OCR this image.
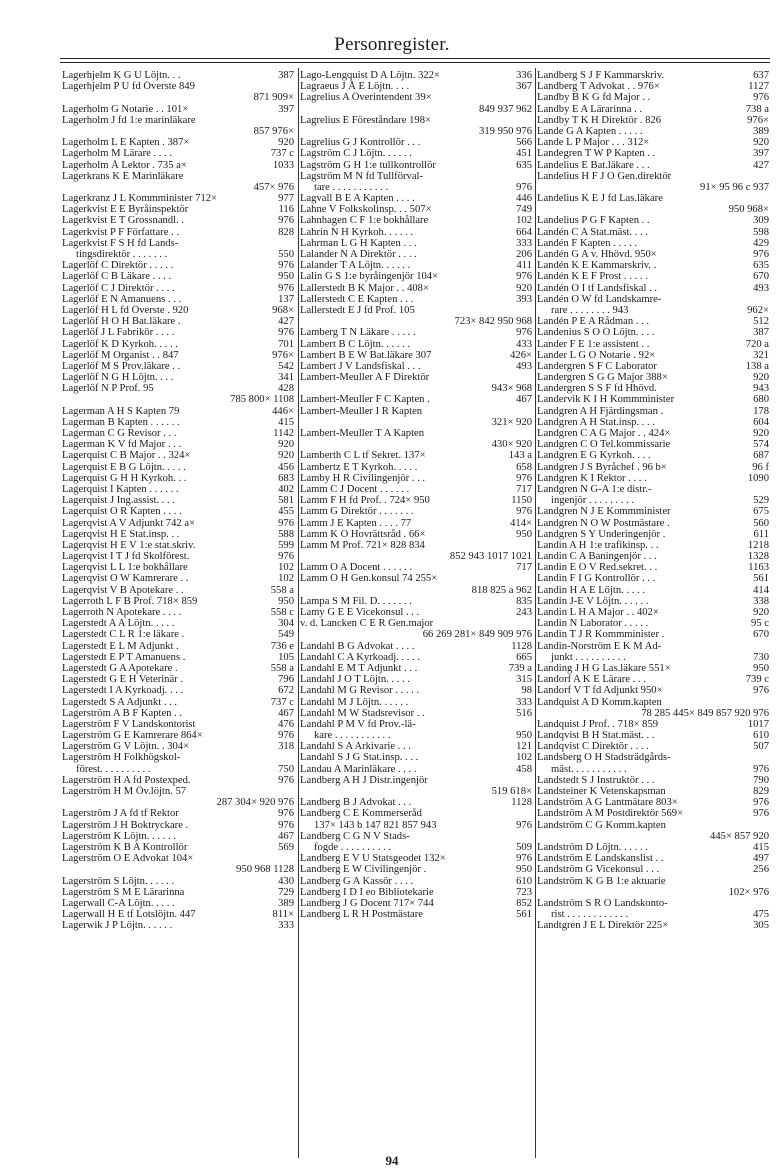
Personregister.
Lagerhjelm K G U Löjtn. . .	387
Lagerhjelm P U fd Överste 849
871 909×
Lagerholm G Notarie . . 101×	397
Lagerholm J fd 1:e marinläkare
857 976×
Lagerholm L E Kapten . 387×	920
Lagerholm M Lärare . . . .	737 c
Lagerholm Å Lektor . 735 a×	1033
Lagerkrans K E Marinläkare
457× 976
Lagerkranz J L Kommminister 712×	977
Lagerkvist E E Byråinspektör	116
Lagerkvist E T Grossnandl. .	976
Lagerkvist P F Författare . .	828
Lagerkvist F S H fd Lands-
tingsdirektör . . . . . . .	550
Lagerlöf C Direktör . . . . .	976
Lagerlöf C B Läkare . . . .	950
Lagerlöf C J Direktör . . . .	976
Lagerlöf E N Amanuens . . .	137
Lagerlöf H L fd Överste . 920	968×
Lagerlöf H O H Bat.läkare .	427
Lagerlöf J L Fabrikör . . . .	976
Lagerlöf K D Kyrkoh. . . . .	701
Lagerlöf M Organist . . 847	976×
Lagerlöf M S Prov.läkare . .	542
Lagerlöf N G H Löjtn. . . .	341
Lagerlöf N P Prof. 95	428
785 800× 1108
Lagerman A H S Kapten 79	446×
Lagerman B Kapten . . . . . .	415
Lagerman C G Revisor . . .	1142
Lagerman K V fd Major . . .	920
Lagerquist C B Major . . 324×	920
Lagerquist E B G Löjtn. . . . .	456
Lagerquist G H H Kyrkoh. . .	683
Lagerquist I Kapten . . . . . .	402
Lagerquist J Ing.assist. . . .	581
Lagerquist O R Kapten . . . .	455
Lagerqvist A V Adjunkt 742 a×	976
Lagerqvist H E Stat.insp. . .	588
Lagerqvist H E V 1:e stat.skriv.	599
Lagerqvist I T J fd Skolförest.	976
Lagerqvist L L 1:e bokhållare	102
Lagerqvist O W Kamrerare . .	102
Lagerqvist V B Apotekare . .	558 a
Lagerroth L F B Prof. 718× 859	950
Lagerroth N Apotekare . . . .	558 c
Lagerstedt A A Löjtn. . . . .	304
Lagerstedt C L R 1:e läkare .	549
Lagerstedt E L M Adjunkt .	736 e
Lagerstedt E P T Amanuens .	105
Lagerstedt G A Apotekare .	558 a
Lagerstedt G E H Veterinär .	796
Lagerstedt I A Kyrkoadj. . . .	672
Lagerstedt S A Adjunkt . . .	737 c
Lagerström A B F Kapten . .	467
Lagerström F V Landskontorist	476
Lagerström G E Kamrerare 864×	976
Lagerström G V Löjtn. . 304×	318
Lagerström H Folkhögskol-
förest. . . . . . . . . .	750
Lagerström H A fd Postexped.	976
Lagerström H M Öv.löjtn. 57
287 304× 920 976
Lagerström J A fd tf Rektor	976
Lagerström J H Boktryckare .	976
Lagerström K Löjtn. . . . . .	467
Lagerström K B A Kontrollör	569
Lagerström O E Advokat 104×
950 968 1128
Lagerström S Löjtn. . . . . .	430
Lagerström S M E Lärarinna	729
Lagerwall C-A Löjtn. . . . .	389
Lagerwall H E tf Lotslöjtn. 447	811×
Lagerwik J P Löjtn. . . . . .	333
Lago-Lengquist D A Löjtn. 322×	336
Lagraeus J Å E Löjtn. . . .	367
Lagrelius A Överintendent 39×
849 937 962
Lagrelius E Föreståndare 198×
319 950 976
Lagrelius G J Kontrollör . . .	566
Lagström C J Löjtn. . . . . .	451
Lagström G H 1:e tullkontrollör	635
Lagström M N fd Tullförval-
tare . . . . . . . . . . .	976
Lagvall B E A Kapten . . . .	446
Lahne V Folkskolinsp. . . 507×	749
Lahnhagen C F 1:e bokhållare	102
Lahrin N H Kyrkoh. . . . . .	664
Lahrman L G H Kapten . . .	333
Lalander N A Direktör . . . .	206
Lalander T A Löjtn. . . . . .	411
Lalin G S 1:e byråingenjör 104×	976
Lallerstedt B K Major . . 408×	920
Lallerstedt C E Kapten . . .	393
Lallerstedt E J fd Prof. 105
723× 842 950 968
Lamberg T N Läkare . . . . .	976
Lambert B C Löjtn. . . . . .	433
Lambert B E W Bat.läkare 307	426×
Lambert J V Landsfiskal . . .	493
Lambert-Meuller A F Direktör
943× 968
Lambert-Meuller F C Kapten .	467
Lambert-Meuller I R Kapten
321× 920
Lambert-Meuller T A Kapten
430× 920
Lamberth C L tf Sekret. 137×	143 a
Lambertz E T Kyrkoh. . . . .	658
Lamby H R Civilingenjör . . .	976
Lamm C J Docent . . . . . .	717
Lamm F H fd Prof. . 724× 950	1150
Lamm G Direktör . . . . . . .	976
Lamm J E Kapten . . . . 77	414×
Lamm K O Hovrättsråd . 66×	950
Lamm M Prof. 721× 828 834
852 943 1017 1021
Lamm O A Docent . . . . . .	717
Lamm O H Gen.konsul 74 255×
818 825 a 962
Lampa S M Fil. D. . . . . . .	835
Lamy G E E Vicekonsul . . .	243
v. d. Lancken C E R Gen.major
66 269 281× 849 909 976
Landahl B G Advokat . . . .	1128
Landahl C A Kyrkoadj. . . . .	665
Landahl E M T Adjunkt . . .	739 a
Landahl J O T Löjtn. . . . .	315
Landahl M G Revisor . . . . .	98
Landahl M J Löjtn. . . . . .	333
Landahl M W Stadsrevisor . .	516
Landahl P M V fd Prov.-lä-
kare . . . . . . . . . . .	950
Landahl S A Arkivarie . . .	121
Landahl S J G Stat.insp. . . .	102
Landau A Marinläkare . . . .	458
Landberg A H J Distr.ingenjör
519 618×
Landberg B J Advokat . . .	1128
Landberg C E Kommerseråd
137× 143 b 147 821 857 943	976
Landberg C G N V Stads-
fogde . . . . . . . . . .	509
Landberg E V U Statsgeodet 132×	976
Landberg E W Civilingenjör .	950
Landberg G A Kassör . . . .	610
Landberg I D I eo Bibliotekarie	723
Landberg J G Docent 717× 744	852
Landberg L R H Postmästare	561
Landberg S J F Kammarskriv.	637
Landberg T Advokat . . 976×	1127
Landby B K G fd Major . .	976
Landby E A Lärarinna . .	738 a
Landby T K H Direktör . 826	976×
Lande G A Kapten . . . . .	389
Lande L P Major . . . 312×	920
Landegren T W P Kapten . .	397
Landelius E Bat.läkare . . .	427
Landelius H F J O Gen.direktör
91× 95 96 c 937
Landelius K E J fd Las.läkare
950 968×
Landelius P G F Kapten . .	309
Landén C A Stat.mäst. . . .	598
Landén F Kapten . . . . .	429
Landén G A v. Hhövd. 950×	976
Landén K E Kammarskriv. .	635
Landén K E F Prost . . . . .	670
Landén O I tf Landsfiskal . .	493
Landén O W fd Landskamre-
rare . . . . . . . . 943	962×
Landén P E A Rådman . . .	512
Landenius S O O Löjtn. . . .	387
Lander F E 1:e assistent . .	720 a
Lander L G O Notarie . 92×	321
Landergren S F C Laborator	138 a
Landergren S G G Major 388×	920
Landergren S S F fd Hhövd.	943
Landervik K I H Kommminister	680
Landgren A H Fjärdingsman .	178
Landgren A H Stat.insp. . . .	604
Landgren C A G Major . . 424×	920
Landgren C O Tel.kommissarie	574
Landgren E G Kyrkoh. . . .	687
Landgren J S Byråchef . 96 b×	96 f
Landgren K I Rektor . . . .	1090
Landgren N G-A 1:e distr.-
ingenjör . . . . . . . . .	529
Landgren N J E Kommminister	675
Landgren N O W Postmästare .	560
Landgren S Y Underingenjör .	611
Landin A H 1:e trafikinsp. . .	1218
Landin C A Baningenjör . . .	1328
Landin E O V Red.sekret. . .	1163
Landin F I G Kontrollör . . .	561
Landin H A E Löjtn. . . . .	414
Landin J-E V Löjtn. . . . . .	338
Landin L H A Major . . 402×	920
Landin N Laborator . . . . .	95 c
Landin T J R Kommminister .	670
Landin-Norström E K M Ad-
junkt . . . . . . . . . .	730
Landing J H G Las.läkare 551×	950
Landorf A K E Lärare . . .	739 c
Landorf V T fd Adjunkt 950×	976
Landquist A D Komm.kapten
78 285 445× 849 857 920 976
Landquist J Prof. . 718× 859	1017
Landqvist B H Stat.mäst. . .	610
Landqvist C Direktör . . . .	507
Landsberg O H Stadsträdgårds-
mäst. . . . . . . . . . .	976
Landstedt S J Instruktör . . .	790
Landsteiner K Vetenskapsman	829
Landström A G Lantmätare 803×	976
Landström A M Postdirektör 569×	976
Landström C G Komm.kapten
445× 857 920
Landström D Löjtn. . . . . .	415
Landström E Landskanslist . .	497
Landström G Vicekonsul . . .	256
Landström K G B 1:e aktuarie
102× 976
Landström S R O Landskonto-
rist . . . . . . . . . . . .	475
Landtgren J E L Direktör 225×	305
94
